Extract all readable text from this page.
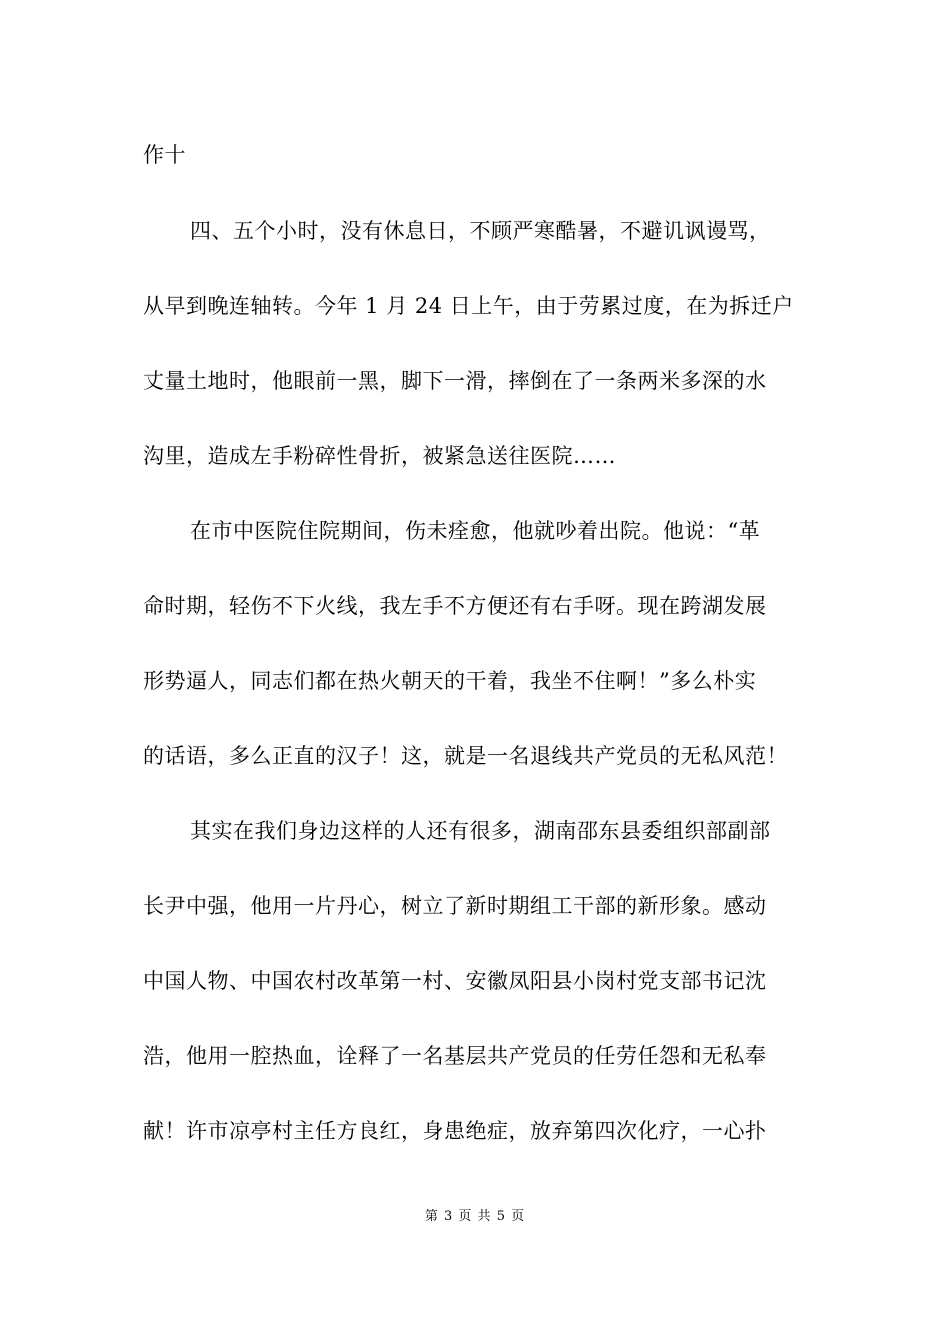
作十
四、五个小时，没有休息日，不顾严寒酷暑，不避讥讽谩骂，
从早到晚连轴转。今年 1 月 24 日上午，由于劳累过度，在为拆迁户
丈量土地时，他眼前一黑，脚下一滑，摔倒在了一条两米多深的水
沟里，造成左手粉碎性骨折，被紧急送往医院……
在市中医院住院期间，伤未痊愈，他就吵着出院。他说：“革
命时期，轻伤不下火线，我左手不方便还有右手呀。现在跨湖发展
形势逼人，同志们都在热火朝天的干着，我坐不住啊！”多么朴实
的话语，多么正直的汉子！这，就是一名退线共产党员的无私风范！
其实在我们身边这样的人还有很多，湖南邵东县委组织部副部
长尹中强，他用一片丹心，树立了新时期组工干部的新形象。感动
中国人物、中国农村改革第一村、安徽凤阳县小岗村党支部书记沈
浩，他用一腔热血，诠释了一名基层共产党员的任劳任怨和无私奉
献！许市凉亭村主任方良红，身患绝症，放弃第四次化疗，一心扑
第 3 页 共 5 页
